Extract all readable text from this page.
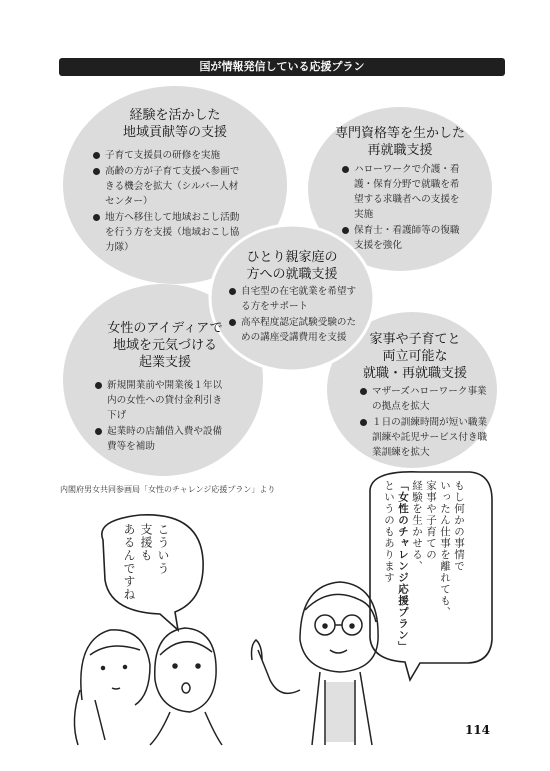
国が情報発信している応援プラン
経験を活かした
地域貢献等の支援
子育て支援員の研修を実施
高齢の方が子育て支援へ参画できる機会を拡大（シルバー人材センター）
地方へ移住して地域おこし活動を行う方を支援（地域おこし協力隊）
専門資格等を生かした
再就職支援
ハローワークで介護・看護・保育分野で就職を希望する求職者への支援を実施
保育士・看護師等の復職支援を強化
ひとり親家庭の
方への就職支援
自宅型の在宅就業を希望する方をサポート
高卒程度認定試験受験のための講座受講費用を支援
女性のアイディアで
地域を元気づける
起業支援
新規開業前や開業後１年以内の女性への貸付金利引き下げ
起業時の店舗借入費や設備費等を補助
家事や子育てと
両立可能な
就職・再就職支援
マザーズハローワーク事業の拠点を拡大
１日の訓練時間が短い職業訓練や託児サービス付き職業訓練を拡大
内閣府男女共同参画局「女性のチャレンジ応援プラン」より
こういう
支援も
あるんですね	もし何かの事情で
いったん仕事を離れても、
家事や子育ての
経験を生かせる、
「女性のチャレンジ応援プラン」
というのもあります
114
